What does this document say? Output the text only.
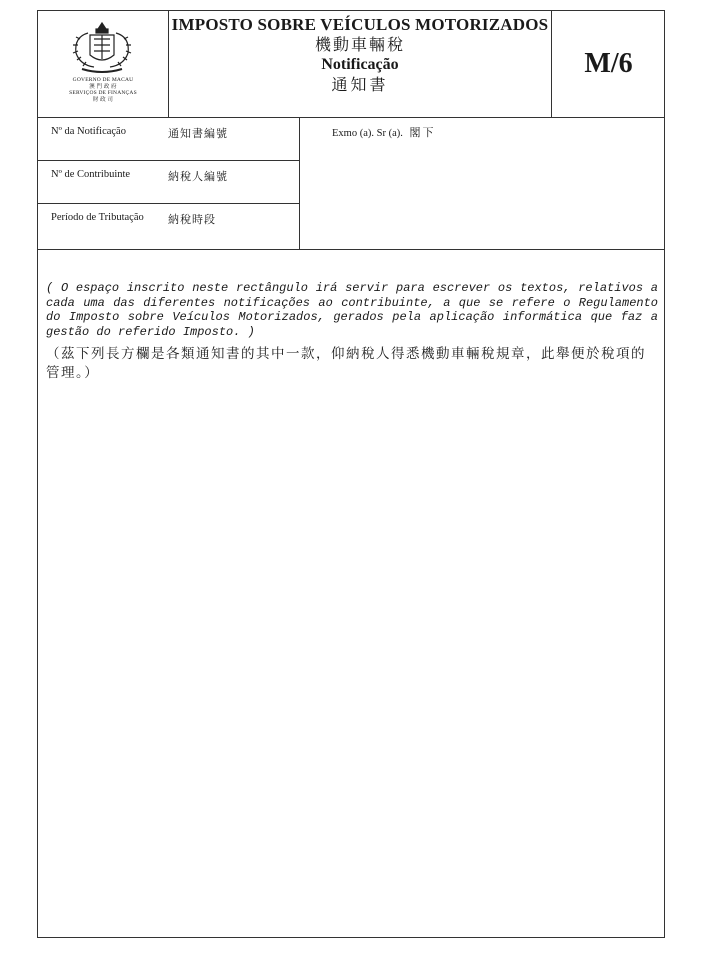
GOVERNO DE MACAU
澳 門 政 府
SERVIÇOS DE FINANÇAS
財 政 司
IMPOSTO SOBRE VEÍCULOS MOTORIZADOS
機動車輛稅
Notificação
通知書
M/6
Nº da Notificação	通知書編號
Nº de Contribuinte	納稅人編號
Período de Tributação 納稅時段
Exmo (a). Sr (a). 閣下

( O espaço inscrito neste rectângulo irá servir para escrever os textos, relativos a cada uma das diferentes notificações ao contribuinte, a que se refere o Regulamento do Imposto sobre Veículos Motorizados, gerados pela aplicação informática que faz a gestão do referido Imposto. )

（茲下列長方欄是各類通知書的其中一款，仰納稅人得悉機動車輛稅規章，此舉便於稅項的管理。）
